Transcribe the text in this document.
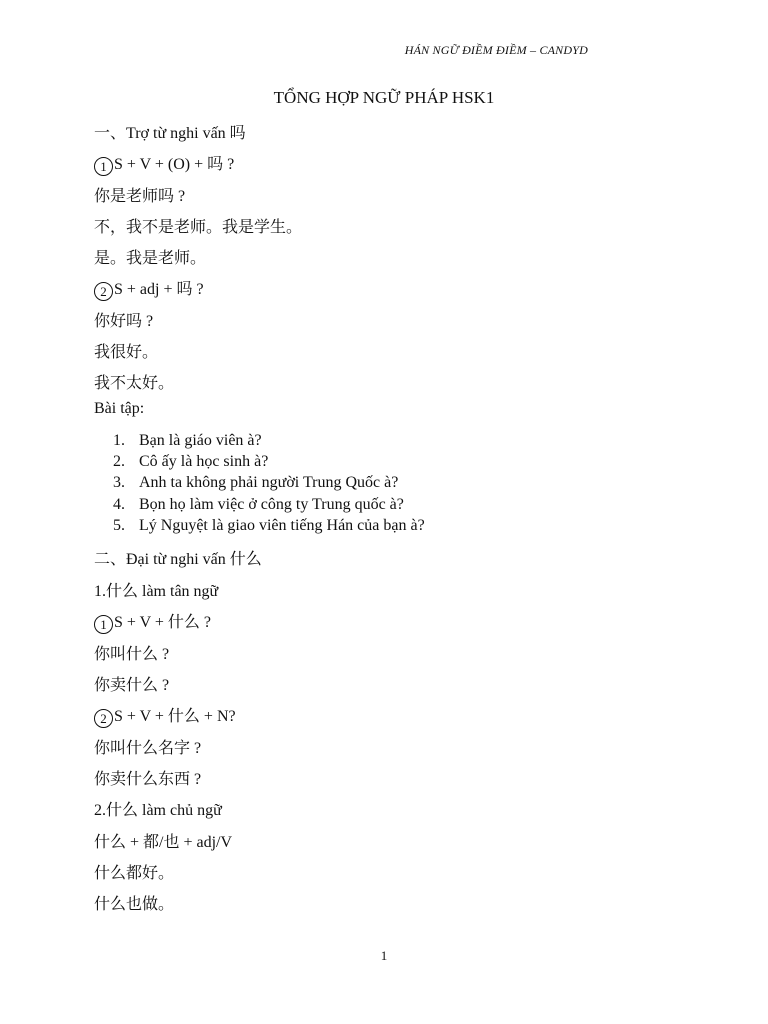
HÁN NGỮ ĐIỀM ĐIỀM – CANDYD
TỔNG HỢP NGỮ PHÁP HSK1
一、Trợ từ nghi vấn 吗
1 S + V + (O) + 吗 ?
你是老师吗 ?
不，我不是老师。我是学生。
是。我是老师。
2 S + adj + 吗 ?
你好吗 ?
我很好。
我不太好。
Bài tập:
1. Bạn là giáo viên à?
2. Cô ấy là học sinh à?
3. Anh ta không phải người Trung Quốc à?
4. Bọn họ làm việc ở công ty Trung quốc à?
5. Lý Nguyệt là giao viên tiếng Hán của bạn à?
二、Đại từ nghi vấn 什么
1.什么 làm tân ngữ
1 S + V + 什么 ?
你叫什么 ?
你卖什么 ?
2 S + V + 什么 + N?
你叫什么名字 ?
你卖什么东西 ?
2.什么 làm chủ ngữ
什么 + 都/也 + adj/V
什么都好。
什么也做。
1
